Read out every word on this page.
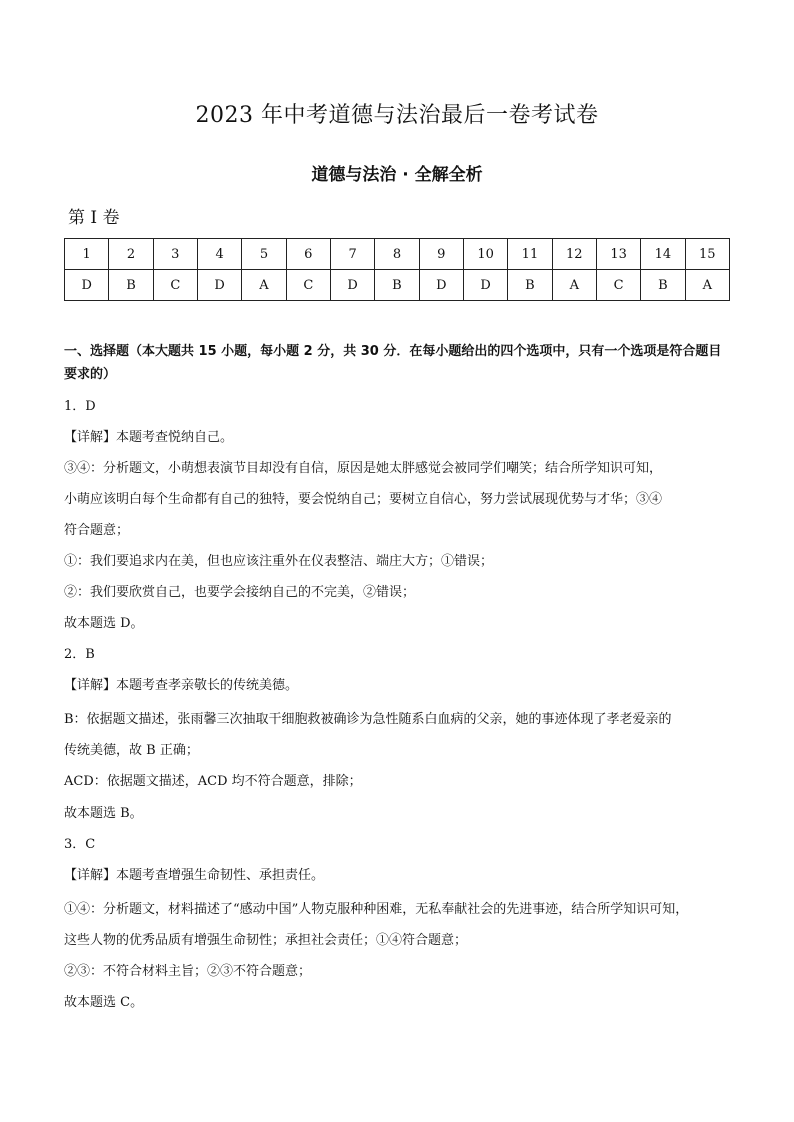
2023 年中考道德与法治最后一卷考试卷
道德与法治 · 全解全析
第 I 卷
1	2	3	4	5	6	7	8	9	10	11	12	13	14	15
D	B	C	D	A	C	D	B	D	D	B	A	C	B	A
一、选择题（本大题共 15 小题，每小题 2 分，共 30 分．在每小题给出的四个选项中，只有一个选项是符合题目要求的）
1．D
【详解】本题考查悦纳自己。
③④：分析题文，小萌想表演节目却没有自信，原因是她太胖感觉会被同学们嘲笑；结合所学知识可知，
小萌应该明白每个生命都有自己的独特，要会悦纳自己；要树立自信心，努力尝试展现优势与才华；③④
符合题意；
①：我们要追求内在美，但也应该注重外在仪表整洁、端庄大方；①错误；
②：我们要欣赏自己，也要学会接纳自己的不完美，②错误；
故本题选 D。
2．B
【详解】本题考查孝亲敬长的传统美德。
B：依据题文描述，张雨馨三次抽取干细胞救被确诊为急性随系白血病的父亲，她的事迹体现了孝老爱亲的
传统美德，故 B 正确；
ACD：依据题文描述，ACD 均不符合题意，排除；
故本题选 B。
3．C
【详解】本题考查增强生命韧性、承担责任。
①④：分析题文，材料描述了“感动中国”人物克服种种困难，无私奉献社会的先进事迹，结合所学知识可知，
这些人物的优秀品质有增强生命韧性；承担社会责任；①④符合题意；
②③：不符合材料主旨；②③不符合题意；
故本题选 C。
